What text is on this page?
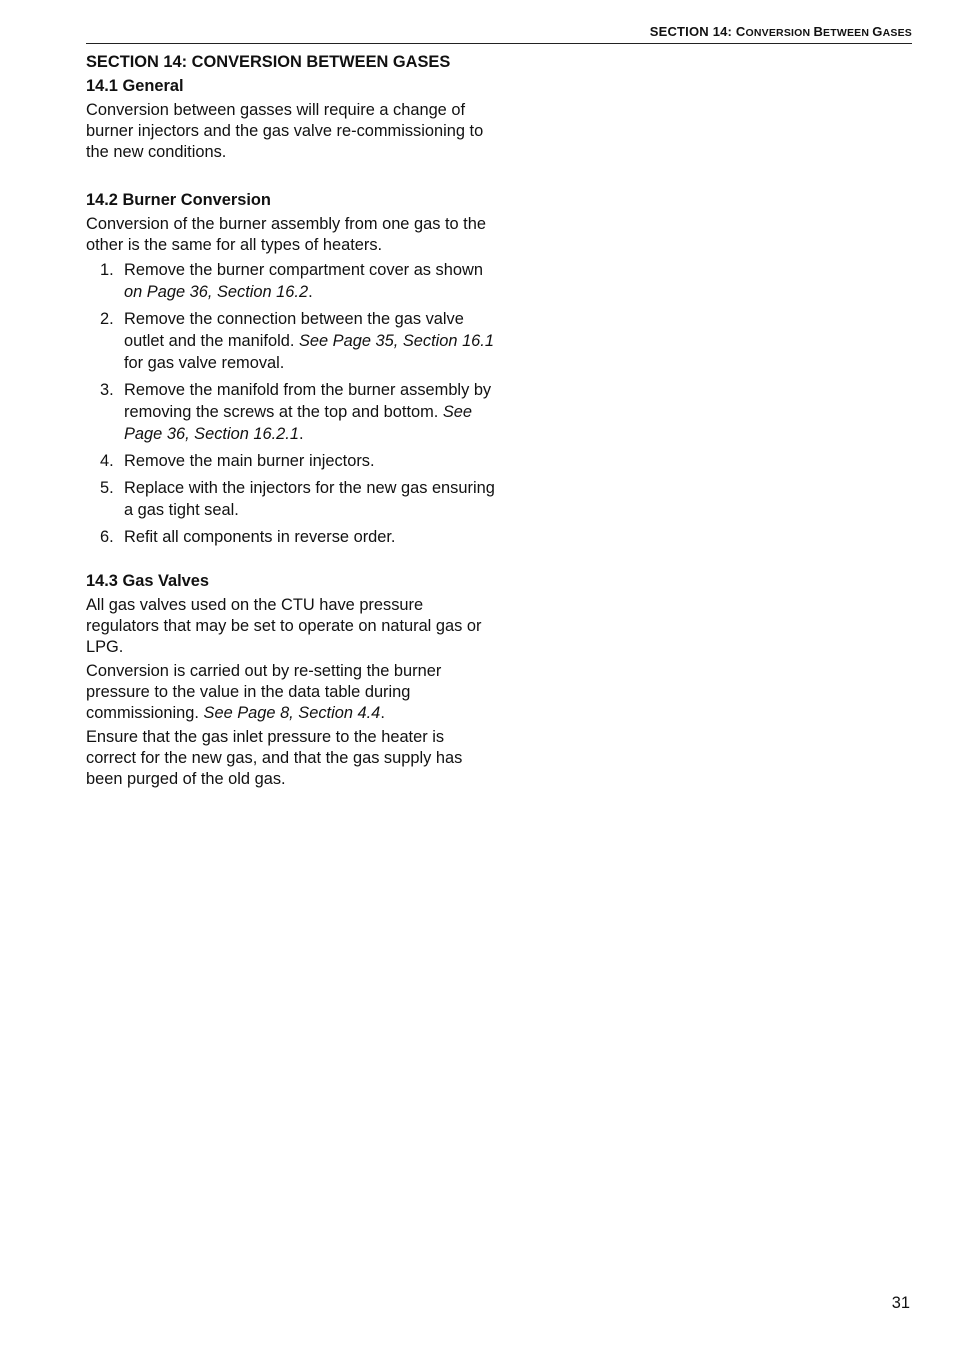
SECTION 14: CONVERSION BETWEEN GASES
SECTION 14: CONVERSION BETWEEN GASES
14.1 General

Conversion between gasses will require a change of burner injectors and the gas valve re-commissioning to the new conditions.

14.2 Burner Conversion

Conversion of the burner assembly from one gas to the other is the same for all types of heaters.

1. Remove the burner compartment cover as shown on Page 36, Section 16.2.
2. Remove the connection between the gas valve outlet and the manifold. See Page 35, Section 16.1 for gas valve removal.
3. Remove the manifold from the burner assembly by removing the screws at the top and bottom. See Page 36, Section 16.2.1.
4. Remove the main burner injectors.
5. Replace with the injectors for the new gas ensuring a gas tight seal.
6. Refit all components in reverse order.
14.3 Gas Valves

All gas valves used on the CTU have pressure regulators that may be set to operate on natural gas or LPG.

Conversion is carried out by re-setting the burner pressure to the value in the data table during commissioning. See Page 8, Section 4.4.

Ensure that the gas inlet pressure to the heater is correct for the new gas, and that the gas supply has been purged of the old gas.

31
